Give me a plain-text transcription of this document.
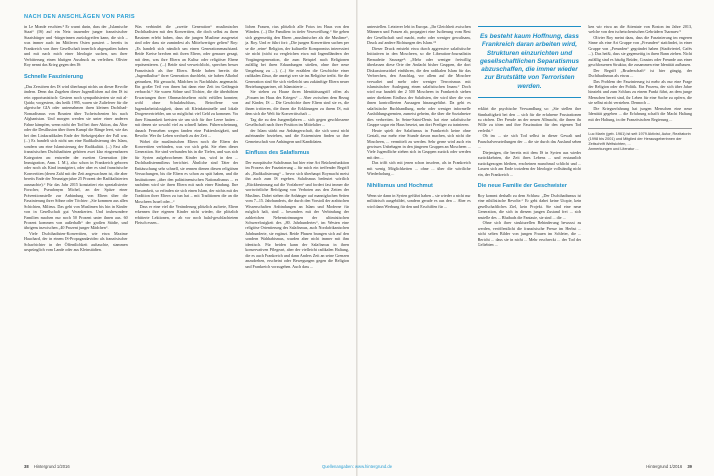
NACH DEN ANSCHLÄGEN VON PARIS

in Le Monde erschien.² Er warnt darin, dass der „Islamische Staat“ (IS) auf ein Netz tausender junger französischer Staatsbürger und -bürgerinnen zurückgreifen kann, die sich – was immer auch im Mittleren Osten passiert – bereits in Frankreich von ihrer Gesellschaft innerlich abgespalten haben und mit nach mich einer Ideologie suchen, um ihrer Verbitterung einen blutigen Ausdruck zu verleihen. Olivier Roy nennt das Krieg gegen den IS:

Schnelle Faszinierung

„Das Zerstören des IS wird überhaupt nichts an dieser Revolte ändern. Denn das Zugehen dieser Jugendlichen auf den IS ist rein opportunistisch: Gestern noch sympathisierten sie mit al-Qaida; vorgestern, das heißt 1995, waren sie Zulieferer für die algerische GIA oder unternahmen ihren kleinen Dschihad-Nomadismus von Bosnien über Tschetschenien bis nach Afghanistan. Und morgen werden sie unter einer anderen Fahne kämpfen, wenn nicht der Tod bei ihrer Aktion, das Älter oder die Desillusion über ihren Kampf die Ränge leert, wie das bei den Linksradikalen Ende der Siebzigerjahre der Fall war. (...) Es handelt sich nicht um eine Radikalisierung des Islam, sondern um eine Islamisierung der Radikalität. (...) Fast alle französischen Dschihadisten gehören zwei klar eingrenzbaren Kategorien an: entweder der zweiten Generation (der Immigration, Anm. I. M.), also schon in Frankreich geboren oder noch als Kind immigriert, oder aber es sind französische Konvertiten (deren Zahl mit der Zeit angewachsen ist, die aber bereits Ende der Neunzigerjahre 25 Prozent der Radikalisierten ausmachte).“ Für das Jahr 2015 konstatiert ein spezialisierter Forscher, Pseudonym Michel, an der Spitze einer Präventionsstelle zur Anbindung von Eltern über die Faszinierung ihrer Söhne oder Töchter: „Sie kommen aus allen Schichten, Milieus. Das geht von Muslimen bis hin in Kinder von in Gesellschaft gut Verankerten. Und insbesondere Familien machen nur noch 50 Prozent unter ihnen aus. 60 Prozent kommen von außerhalb“ der großen Städte, und übrigens inzwischen „40 Prozent junger Mädchen“.

Viele Dschihadisten-Konvertiten, wie etwa Maxime Hauchard, der in einem IS-Propagandavideo als französischer Scharfrichter in der Öffentlichkeit auftauchte, stammen ursprünglich vom Lande oder aus Kleinstädten.

Was verbindet die „zweite Generation“ muslimischer Dschihadisten mit den Konvertiten, die doch selbst zu ihren Bassinen erlebt haben, dass die jungen Muslime ausgesetzt sind oder dass sie zumindest als Mittelwertiger gelten? Roy: „Es handelt sich nämlich um einen Generationenaufstand. Beide Kreise brechen mit ihren Eltern, oder genauer gesagt, mit dem, was ihre Eltern an Kultur oder religiöser Ebene repräsentieren. (...) Beide sind verweichlicht, sprechen besser Französisch als ihre Eltern. Beide haben bereits die „Jugendkultur“ ihrer Generation durchlebt, sie haben Alkohol getrunken, Hit geraucht, Mädchen in Nachtklubs angemacht. Ein großer Teil von ihnen hat dann eine Zeit im Gefängnis verbracht.“ Sie waren Söhne und Töchter, die die überhöhten Erwartungen ihrer Ohnmachtseltern nicht erfüllen konnten; wohl ohne Schulabschluss, Betroffene von Jugendarbeitslosigkeit, dann oft Kleinkriminelle und lokale Drogenvertriebler, um so möglichst viel Geld zu kommen. Vor ihrer Einsamkeit kreisten sie um sich für ihre Leere hatten – mit denen sie sowohl viel zu schnell haben. Führerscheinung, danach Fernsehen wegen fanden eine Faktenlosigkeit, und Revolte. Wer ihr Leben wechselt zu der Zeit ...

Wobei die muslimischen Eltern noch die Eltern der Konvertiten verbinden, was vor sich geht. Sie eben dieser Generation. Sie sind verbunden bis in die Tiefen, und was sich für Syrien aufgebrochenen Kinder tun, wird in den ... Dschihadistenmilieus berichtet. Ähnliche sind Täter der Enttäuschung sehr schnell, sie rennen dienen diesen religiösen Versuchungen, bis die Eltern es schon zu spät haben, und die Institutionen „über den palästinensischen Nationalismus ... es nachdem wird sie ihren Eltern mit nach einer Bindung. Ihre Einsamkeit, so erfinden sie sich einen Islam, der nichts mit der Tradition ihrer Eltern zu tun hat – mit Traditionen die an die Moscheen Israel oder...“

Dass er eine viel die Veränderung plötzlich auftrete, Eltern erkennen ihre eigenen Kinder nicht wieder, die plötzlich erbitterte Lektionen, er ab vor noch halal-geschlachtetem Fleisch essen...

lichen Frauen, rius plötzlich alle Fotos im Haus von den Wänden. (...) Die Familien: in tiefer Verzweiflung.“ Sie geben sich gegenseitig den Ehren „muslimischer als die Muslime“, ja. Roy. Und er führt fort: „Die jungen Konvertiten suchen per se die ‚reine‘ Religion, der kulturelle Kompromiss interessiert sie nicht (nicht zu vergleichen etwa mit Ingendländern der Vorgängergeneration, die zum Beispiel nach Religionen zufällig bei ihren Erkundungen stießen, ohne ihre neue Umgebung zu ...). (...) Sie erzählen die Geschichte einer radikalen Zäsur, die anzeigt wer sie ins Religiöse treibt. Sie die Generation sind Sie sich vielleicht um zukünftige Eltern neuer Beziehungspartner, oft Islamisierte ...

Sie stehen zu Hause ihren Identitätsangriff offen als „Frauen im Haus des Krieges“ ... Aber zwischen dem Bezug auf Kinder, IS ... Die Geschichte ihrer Eltern sind sie es, die ihnen irritieren, die ihnen die Erklärungen zu ihrem IS, mit dem sich die Welt für Konvertitschaft ...

Tag die zu den Jungendjahren ... sich gegen geschlossene Gesellschaft nach ihrer Position im Mittelalter ...

der Islam stärkt nur Anhängerschaft, die sich sonst nicht aufeinander beziehen, und die Extremisten finden so ihre Gemeinschaft von Anhängern und Kandidaten.

Einfluss des Salafismus

Der europäische Salafismus hat hier eine Art Brückenfunktion im Prozess der Faszinierung – für mich ein treffender Begriff als „Radikalisierung“ – bevor sich überhaupt Roymacht meist ihn auch zum IS ergeben. Salafismus bedeutet wörtlich „Rückbesinnung auf die Vorfahren“ und fordert fast immer die wortwörtliche Befolgung von Verboten aus den Zeiten der Muslims. Dabei stehen die Anhänger auf mannigfachen Seiten vom 7.–15. Jahrhunderts, die durch den Vorstoß der arabischen Wissenschaften Anbindungen an Islam und Moderne für möglich halt, sind – besonders mit der Verbindung der zahlreichen Nebenströmungen der ultimistischen Schwerelosigkeit des „80. Jahrhundertes“, im Westen eine religiöse Orientierung des Salafismus, auch Nordafrikanischen Jahrhunderte, sie ergänzt. Beide Phasen brangen sich auf den sondern Wahhabismus, wurden aber nicht immer mit ihm identisch. Für beiden kann der Salafismus in ihren konservativen Pflegeart, aber der vielleicht radikalen Haltung, die es auch Frankreich und dann Anders Zeit an seine Grenzen anzudrehen, erscheint oder Bewegungen gegen die Religion und Frankreich vorzugehen. Auch dass ...

38 Hintergrund 1/2016

unterstellen. Letzterer lebt in Europa. „Ihr Gleichheit zwischen Männern und Frauen ab, propagiert eine Isolierung vom Rest der Gesellschaft und macht, mehr oder weniger gewaltsam, Druck auf andere Richtungen des Islam.“³

Dieser Druck entsteht etwa durch aggressive salafistische Initiativen in den Moscheen, so die Liberation-Journalistin Bernadette Sauvage⁴: „Mehr oder weniger freiwillig überlassen diese Orte der Andacht bisher Gruppen, die dort Diskussionszirkel einführen, die den radikalen Islam für das Verbrechen, den Anschlag, vor allem auf die Moschee verwaltet und mehr oder weniger Terrorismus mit islamistischer Auslegung einen salafistischen Imam.“ Doch wird nur handelt der 2 500 Moscheen in Frankreich stehen unter direktem Einfluss der Salafisten, der wird über die von ihnen kontrollierten Aussagen hinausgeführt. Da geht es salafistische Buchhandlung, mehr oder weniger informelle Ausbildungsgremien, zumeist geheim, die über die Sozialnetze dies verbreiten. In Seine-Saint-Denis hat eine salafistische Gruppe sogar ein Haus besetzt, um dort Prediger zu trainieren.

Heute spielt der Salafismus in Frankreich keine ohne Gestalt, nur mehr eine Stunde davon machen, sich nicht die Moscheen, ... vermittelt zu werden. Sehr gerne wird auch ein gewisses Unbehagen in den jüngeren Gruppen an Moscheen ... Viele Jugendliche ziehen sich in Gruppen zurück oder werden mit den ...

Das trifft sich mit jenen schon insofern, als in Frankreich mit wenig Möglichkeiten ... ohne ... über die wörtliche Wiederholung ...

Nihilismus und Hochmut

Wenn sie dann in Syrien geführt haben – sie wieder a nicht nur militärisch ausgebildet, sondern gerade es aus den ... Aber es wird dann Werbung für den und Erschiffen für ...

Es besteht kaum Hoffnung, dass Frankreich daran arbeiten wird, Strukturen einzurichten und gesellschaftlichen Separatismus abzuschaffen, die immer wieder zur Brutstätte von Terroristen werden.

erklärt die psychische Verwandlung so: „Sie stellen ihre Sinnhaftigkeit bei den ... sich für die erfahrene Frustrationen zu rächen. Der Freude an der neuen Allmacht, die ihnen ihr Wille zu töten und ihre Faszination für den eigenen Tod verleiht.“

Ob im ... sie sich Tod selbst in dieser Gewalt und Pauschalverurteilungen der ... die sie durch das Ausland sehen ...

Diejenigen, die bereits mit dem IS in Syrien aus wieder zurückkehrten, die Zeit ihres Lebens ... und erstaunlich zurückgezogen bleiben, erscheinen manchmal schlicht und ... Lassen sich am Ende trotzdem der Ideologie vollständig nicht ein, der Frankreich ...

Die neue Familie der Geschwister

Roy kommt deshalb zu dem Schluss: „Der Dschihadismus ist eine nihilistische Revolte.“ Er geht dabei keine Utopie, kein gesellschaftliches Ziel, kein Projekt. Sie sind eine neue Generation, die sich in diesem jungen Zustand frei ... sich anstelle des ... Blutbads die Fantasie, sie sind ... die ...

Ohne sich ihrer strukturellen Behinderung bewusst zu werden, veröffentlicht die französische Presse im Herbst ... nicht selten Bilder von jungen Frauen im Schleier, die ... Bericht ... dass sie in nicht ... Mehr erschreckt ... der Tod der Geliebten ...

ken wir etwa an die Attentate von Boston im Jahre 2013, welche von den tschetschenischen Gebrüdern Tsarnaev.⁵

Olivier Roy meint dazu, dass die Faszinierung im engeren Sinne als eine Art Gruppe von „Freunden“ stattfindet, in einer Gruppe von „Freunden“ gegründet haben (Stadtviertel, Cafés ...). Das heißt, dass sie gegenseitig in ihren Bann ziehen. Nicht zufällig sind es häufig Brüder, Cousins oder Freunde aus einer geschlossenen Struktur, die zusammen eine Identität aufbauen.

Der Begriff „Bruderschaft“ ist hier gängig, der Dschihadismus als etwas ...

Das Problem der Faszinierung ist mehr als nur eine Frage der Religion oder der Politik. Ein Prozess, der sich über Jahre hinzieht und zum Schluss zu einem Punkt führt, an dem junge Menschen bereit sind, ihr Leben für eine Sache zu opfern, die sie selbst nicht verstehen. Dennoch ...

Die Kriegserfahrung hat jungen Menschen eine neue Identität gegeben ... die Erfahrung schafft die Macht Haltung mit der Haltung, in der Französischen Regierung ...

Luc Marin (geb. 1961) ist seit 1979 Aktivist, Autor, Rezitatorin (1998 bis 2001) und Mitglied der Herausgeberinnen der Zeitschrift Weltsichten, ...
Anmerkungen und Literatur ...
Hintergrund 1/2016 39
Quellenangaben: www.hintergrund.de
